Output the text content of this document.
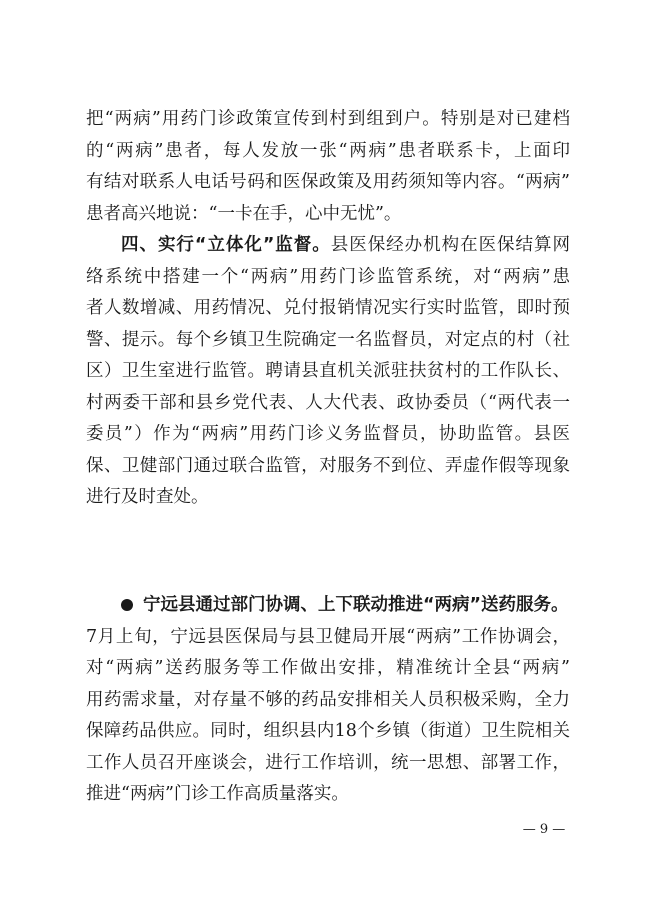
把“两病”用药门诊政策宣传到村到组到户。特别是对已建档
的“两病”患者，每人发放一张“两病”患者联系卡，上面印
有结对联系人电话号码和医保政策及用药须知等内容。“两病”
患者高兴地说：“一卡在手，心中无忧”。
四、实行“立体化”监督。县医保经办机构在医保结算网
络系统中搭建一个“两病”用药门诊监管系统，对“两病”患
者人数增减、用药情况、兑付报销情况实行实时监管，即时预
警、提示。每个乡镇卫生院确定一名监督员，对定点的村（社
区）卫生室进行监管。聘请县直机关派驻扶贫村的工作队长、
村两委干部和县乡党代表、人大代表、政协委员（“两代表一
委员”）作为“两病”用药门诊义务监督员，协助监管。县医
保、卫健部门通过联合监管，对服务不到位、弄虚作假等现象
进行及时查处。
宁远县通过部门协调、上下联动推进“两病”送药服务。
7月上旬，宁远县医保局与县卫健局开展“两病”工作协调会，
对“两病”送药服务等工作做出安排，精准统计全县“两病”
用药需求量，对存量不够的药品安排相关人员积极采购，全力
保障药品供应。同时，组织县内18个乡镇（街道）卫生院相关
工作人员召开座谈会，进行工作培训，统一思想、部署工作，
推进“两病”门诊工作高质量落实。
— 9 —
